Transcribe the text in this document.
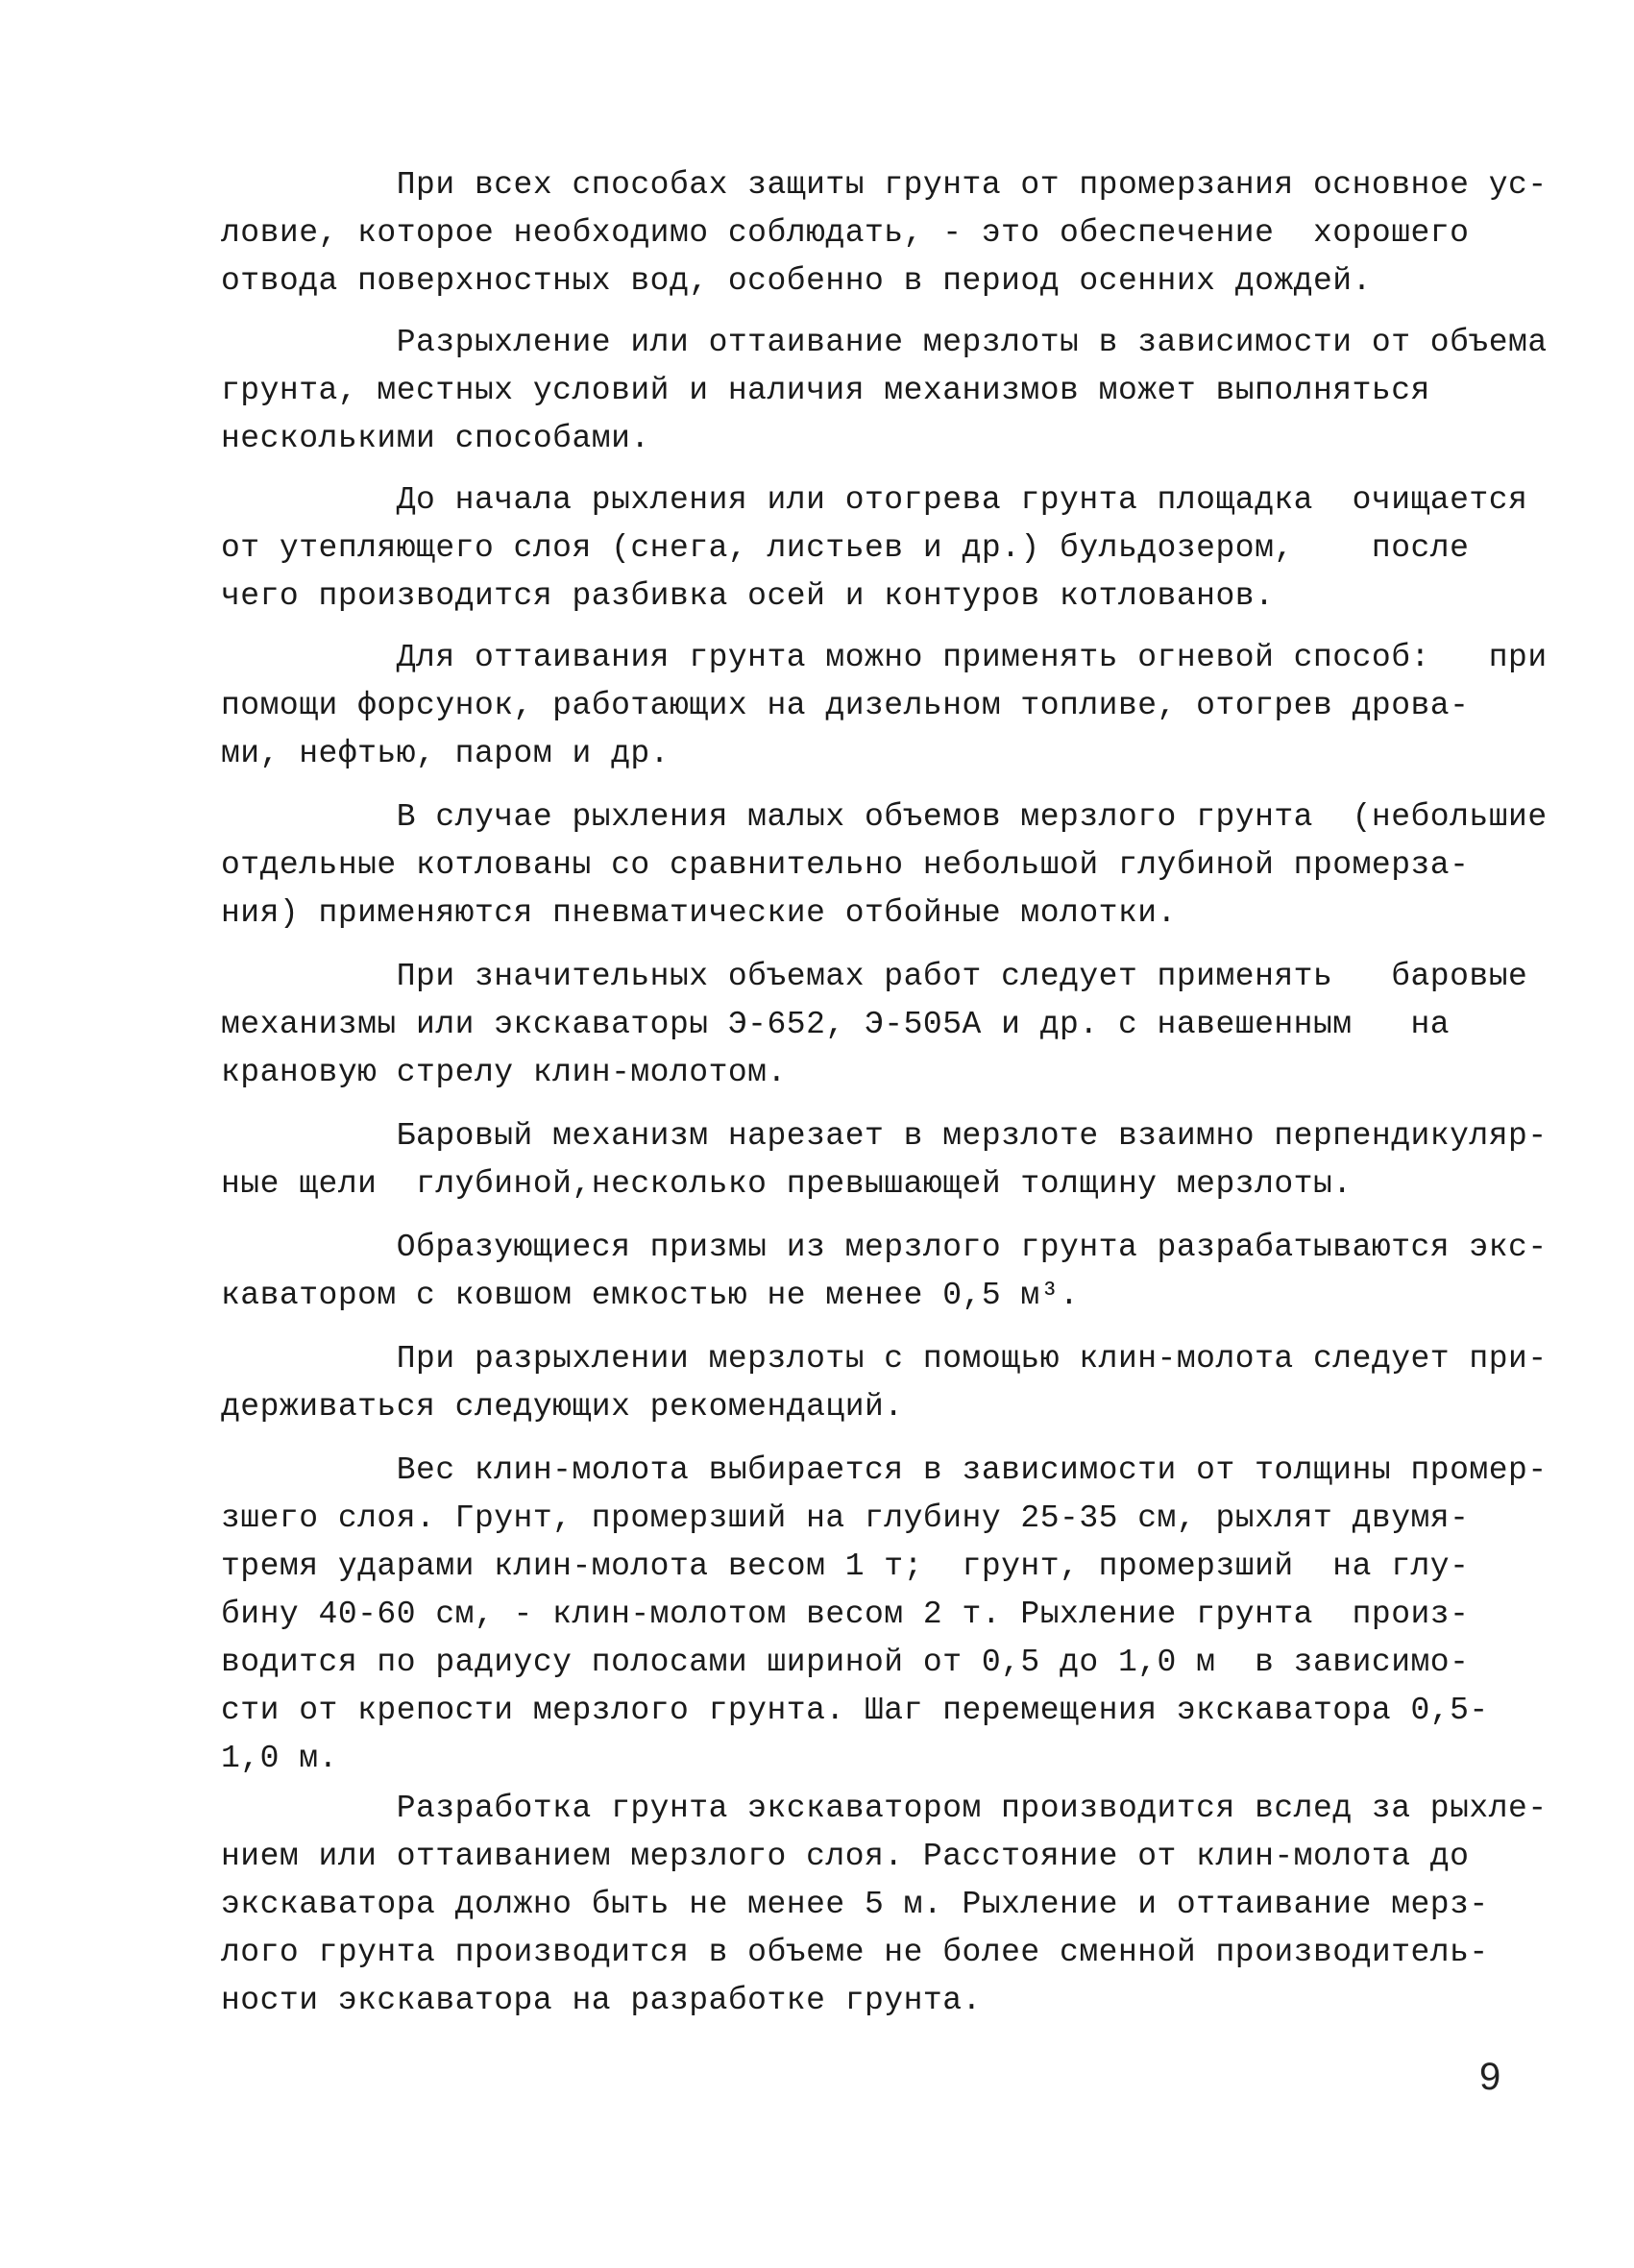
При всех способах защиты грунта от промерзания основное ус-
ловие, которое необходимо соблюдать, - это обеспечение  хорошего
отвода поверхностных вод, особенно в период осенних дождей.
Разрыхление или оттаивание мерзлоты в зависимости от объема
грунта, местных условий и наличия механизмов может выполняться
несколькими способами.
До начала рыхления или отогрева грунта площадка  очищается
от утепляющего слоя (снега, листьев и др.) бульдозером,    после
чего производится разбивка осей и контуров котлованов.
Для оттаивания грунта можно применять огневой способ:   при
помощи форсунок, работающих на дизельном топливе, отогрев дрова-
ми, нефтью, паром и др.
В случае рыхления малых объемов мерзлого грунта  (небольшие
отдельные котлованы со сравнительно небольшой глубиной промерза-
ния) применяются пневматические отбойные молотки.
При значительных объемах работ следует применять   баровые
механизмы или экскаваторы Э-652, Э-505А и др. с навешенным   на
крановую стрелу клин-молотом.
Баровый механизм нарезает в мерзлоте взаимно перпендикуляр-
ные щели  глубиной,несколько превышающей толщину мерзлоты.
Образующиеся призмы из мерзлого грунта разрабатываются экс-
каватором с ковшом емкостью не менее 0,5 м³.
При разрыхлении мерзлоты с помощью клин-молота следует при-
держиваться следующих рекомендаций.
Вес клин-молота выбирается в зависимости от толщины промер-
зшего слоя. Грунт, промерзший на глубину 25-35 см, рыхлят двумя-
тремя ударами клин-молота весом 1 т;  грунт, промерзший  на глу-
бину 40-60 см, - клин-молотом весом 2 т. Рыхление грунта  произ-
водится по радиусу полосами шириной от 0,5 до 1,0 м  в зависимо-
сти от крепости мерзлого грунта. Шаг перемещения экскаватора 0,5-
1,0 м.
Разработка грунта экскаватором производится вслед за рыхле-
нием или оттаиванием мерзлого слоя. Расстояние от клин-молота до
экскаватора должно быть не менее 5 м. Рыхление и оттаивание мерз-
лого грунта производится в объеме не более сменной производитель-
ности экскаватора на разработке грунта.
9
